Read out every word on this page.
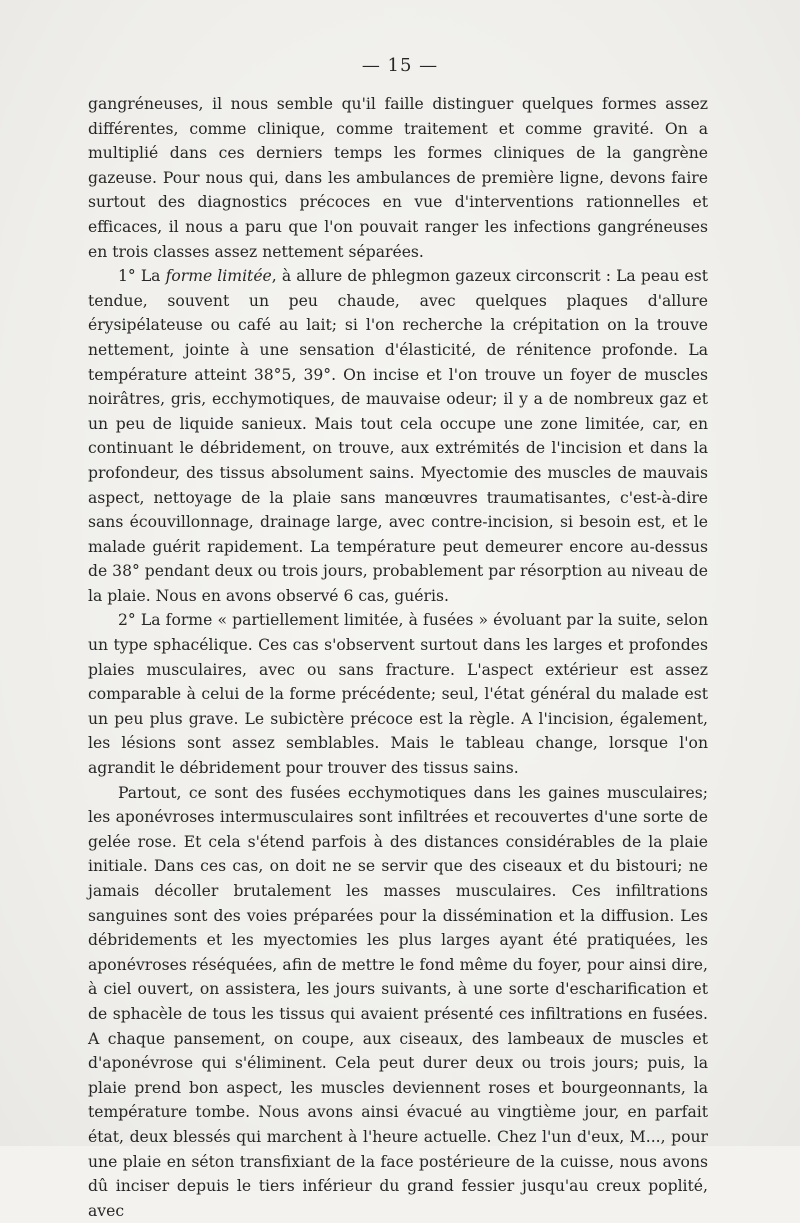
— 15 —

gangréneuses, il nous semble qu'il faille distinguer quelques formes assez différentes, comme clinique, comme traitement et comme gravité. On a multiplié dans ces derniers temps les formes cliniques de la gangrène gazeuse. Pour nous qui, dans les ambulances de première ligne, devons faire surtout des diagnostics précoces en vue d'interventions rationnelles et efficaces, il nous a paru que l'on pouvait ranger les infections gangréneuses en trois classes assez nettement séparées.

1° La forme limitée, à allure de phlegmon gazeux circonscrit : La peau est tendue, souvent un peu chaude, avec quelques plaques d'allure érysipélateuse ou café au lait; si l'on recherche la crépitation on la trouve nettement, jointe à une sensation d'élasticité, de rénitence profonde. La température atteint 38°5, 39°. On incise et l'on trouve un foyer de muscles noirâtres, gris, ecchymotiques, de mauvaise odeur; il y a de nombreux gaz et un peu de liquide sanieux. Mais tout cela occupe une zone limitée, car, en continuant le débridement, on trouve, aux extrémités de l'incision et dans la profondeur, des tissus absolument sains. Myectomie des muscles de mauvais aspect, nettoyage de la plaie sans manœuvres traumatisantes, c'est-à-dire sans écouvillonnage, drainage large, avec contre-incision, si besoin est, et le malade guérit rapidement. La température peut demeurer encore au-dessus de 38° pendant deux ou trois jours, probablement par résorption au niveau de la plaie. Nous en avons observé 6 cas, guéris.

2° La forme « partiellement limitée, à fusées » évoluant par la suite, selon un type sphacélique. Ces cas s'observent surtout dans les larges et profondes plaies musculaires, avec ou sans fracture. L'aspect extérieur est assez comparable à celui de la forme précédente; seul, l'état général du malade est un peu plus grave. Le subictère précoce est la règle. A l'incision, également, les lésions sont assez semblables. Mais le tableau change, lorsque l'on agrandit le débridement pour trouver des tissus sains.

Partout, ce sont des fusées ecchymotiques dans les gaines musculaires; les aponévroses intermusculaires sont infiltrées et recouvertes d'une sorte de gelée rose. Et cela s'étend parfois à des distances considérables de la plaie initiale. Dans ces cas, on doit ne se servir que des ciseaux et du bistouri; ne jamais décoller brutalement les masses musculaires. Ces infiltrations sanguines sont des voies préparées pour la dissémination et la diffusion. Les débridements et les myectomies les plus larges ayant été pratiquées, les aponévroses réséquées, afin de mettre le fond même du foyer, pour ainsi dire, à ciel ouvert, on assistera, les jours suivants, à une sorte d'escharification et de sphacèle de tous les tissus qui avaient présenté ces infiltrations en fusées. A chaque pansement, on coupe, aux ciseaux, des lambeaux de muscles et d'aponévrose qui s'éliminent. Cela peut durer deux ou trois jours; puis, la plaie prend bon aspect, les muscles deviennent roses et bourgeonnants, la température tombe. Nous avons ainsi évacué au vingtième jour, en parfait état, deux blessés qui marchent à l'heure actuelle. Chez l'un d'eux, M..., pour une plaie en séton transfixiant de la face postérieure de la cuisse, nous avons dû inciser depuis le tiers inférieur du grand fessier jusqu'au creux poplité, avec
